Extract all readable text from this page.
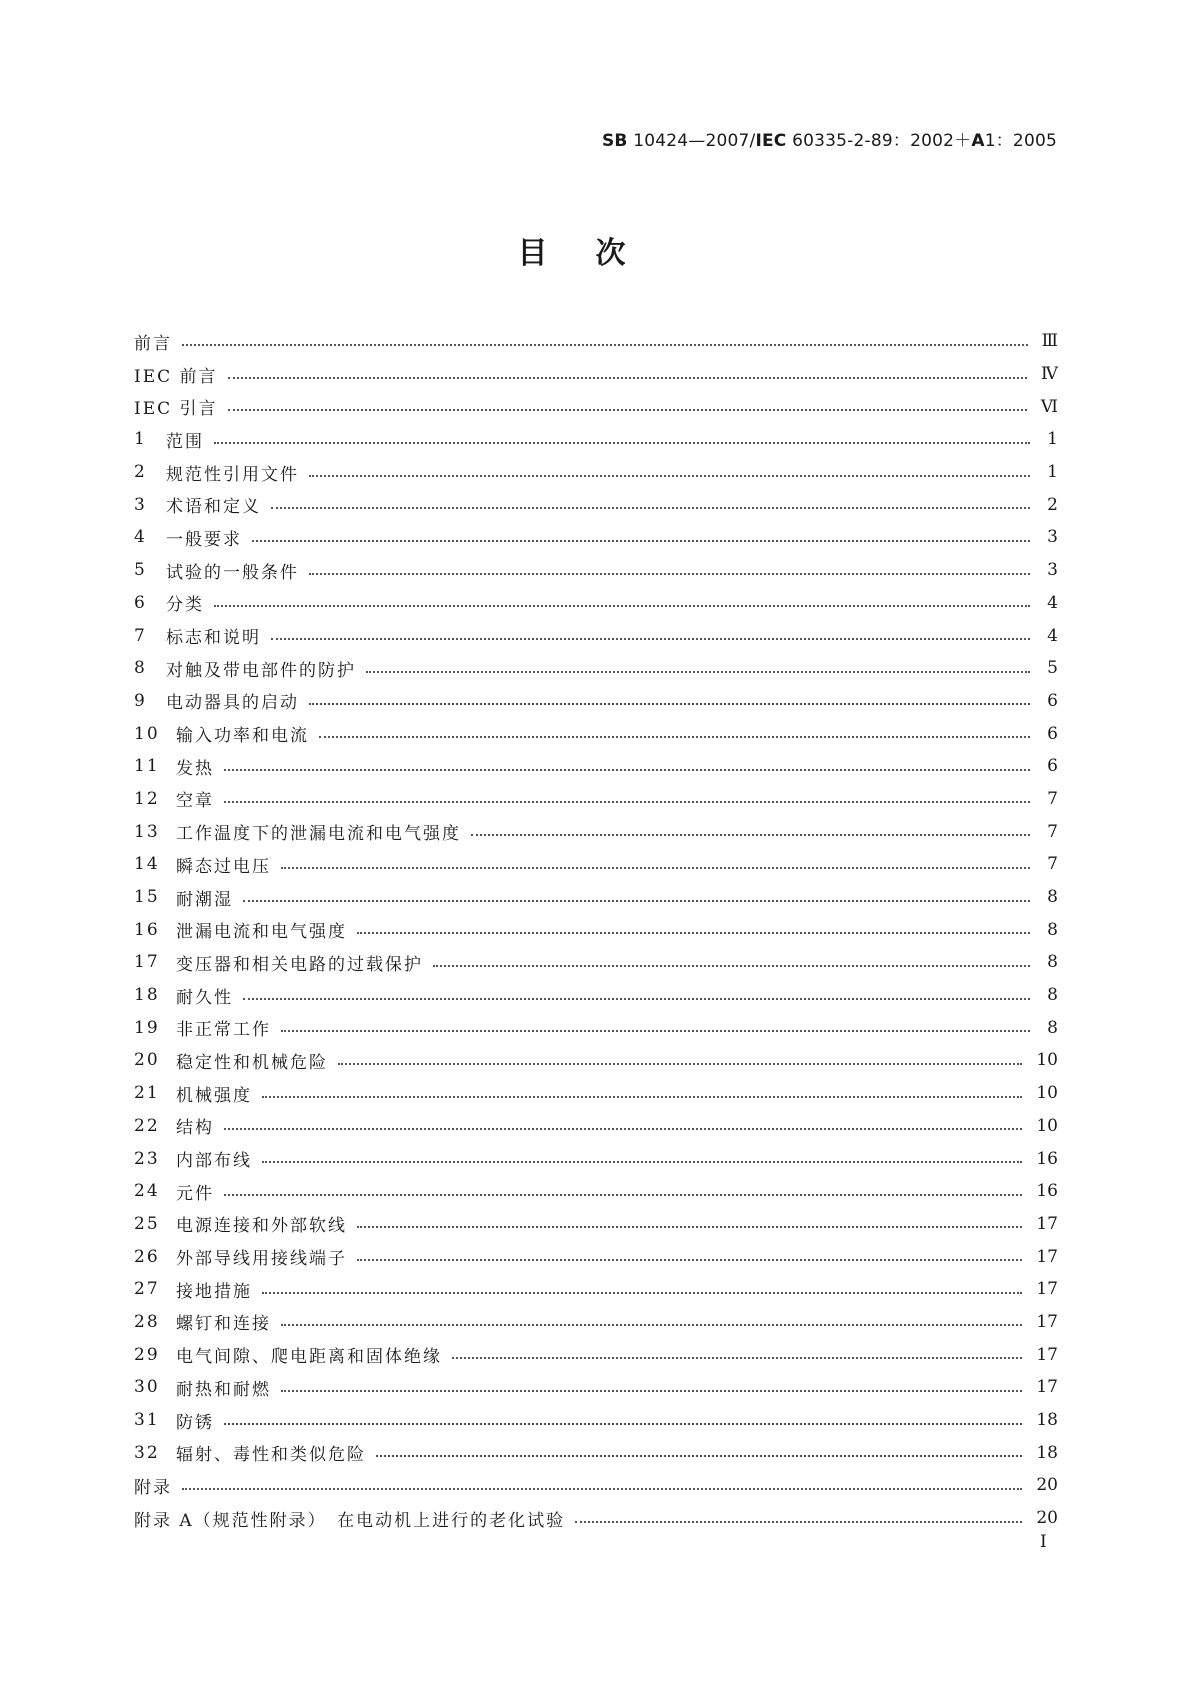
SB 10424—2007/IEC 60335-2-89：2002＋A1：2005
目次
前言	Ⅲ
IEC 前言	Ⅳ
IEC 引言	Ⅵ
1	范围	1
2	规范性引用文件	1
3	术语和定义	2
4	一般要求	3
5	试验的一般条件	3
6	分类	4
7	标志和说明	4
8	对触及带电部件的防护	5
9	电动器具的启动	6
10 输入功率和电流	6
11 发热	6
12 空章	7
13 工作温度下的泄漏电流和电气强度	7
14 瞬态过电压	7
15 耐潮湿	8
16 泄漏电流和电气强度	8
17 变压器和相关电路的过载保护	8
18 耐久性	8
19 非正常工作	8
20 稳定性和机械危险	10
21 机械强度	10
22 结构	10
23 内部布线	16
24 元件	16
25 电源连接和外部软线	17
26 外部导线用接线端子	17
27 接地措施	17
28 螺钉和连接	17
29 电气间隙、爬电距离和固体绝缘	17
30 耐热和耐燃	17
31 防锈	18
32 辐射、毒性和类似危险	18
附录	20
附录 A（规范性附录）　在电动机上进行的老化试验	20
Ⅰ
